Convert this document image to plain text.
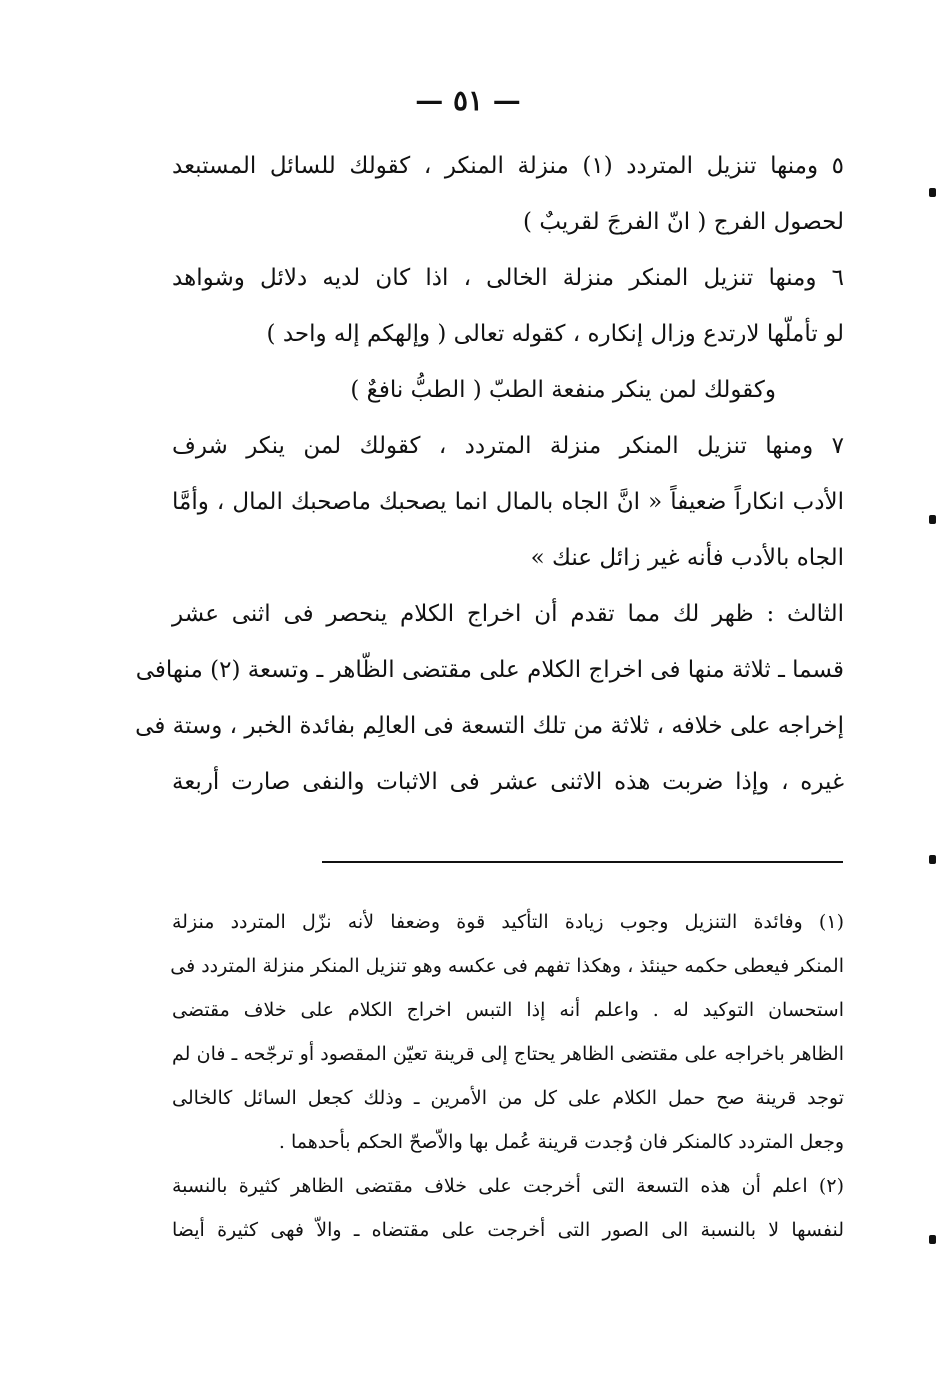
— ٥١ —
٥ ومنها تنزيل المتردد (١) منزلة المنكر ، كقولك للسائل المستبعد
لحصول الفرج ( انّ الفرجَ لقريبٌ )
٦ ومنها تنزيل المنكر منزلة الخالى ، اذا كان لديه دلائل وشواهد
لو تأملّها لارتدع وزال إنكاره ، كقوله تعالى ( وإلهكم إله واحد )
وكقولك لمن ينكر منفعة الطبّ ( الطبُّ نافعٌ )
٧ ومنها تنزيل المنكر منزلة المتردد ، كقولك لمن ينكر شرف
الأدب انكاراً ضعيفاً « انَّ الجاه بالمال انما يصحبك ماصحبك المال ، وأمَّا
الجاه بالأدب فأنه غير زائل عنك »
الثالث : ظهر لك مما تقدم أن اخراج الكلام ينحصر فى اثنى عشر
قسما ـ ثلاثة منها فى اخراج الكلام على مقتضى الظّاهر ـ وتسعة (٢) منهافى
إخراجه على خلافه ، ثلاثة من تلك التسعة فى العالِم بفائدة الخبر ، وستة فى
غيره ، وإذا ضربت هذه الاثنى عشر فى الاثبات والنفى صارت أربعة
(١) وفائدة التنزيل وجوب زيادة التأكيد قوة وضعفا لأنه نزّل المتردد منزلة
المنكر فيعطى حكمه حينئذ ، وهكذا تفهم فى عكسه وهو تنزيل المنكر منزلة المتردد فى
استحسان التوكيد له . واعلم أنه إذا التبس اخراج الكلام على خلاف مقتضى
الظاهر باخراجه على مقتضى الظاهر يحتاج إلى قرينة تعيّن المقصود أو ترجّحه ـ فان لم
توجد قرينة صح حمل الكلام على كل من الأمرين ـ وذلك كجعل السائل كالخالى
وجعل المتردد كالمنكر فان وُجدت قرينة عُمل بها والاّصحّ الحكم بأحدهما .
(٢) اعلم أن هذه التسعة التى أخرجت على خلاف مقتضى الظاهر كثيرة بالنسبة
لنفسها لا بالنسبة الى الصور التى أخرجت على مقتضاه ـ والاّ فهى كثيرة أيضا
